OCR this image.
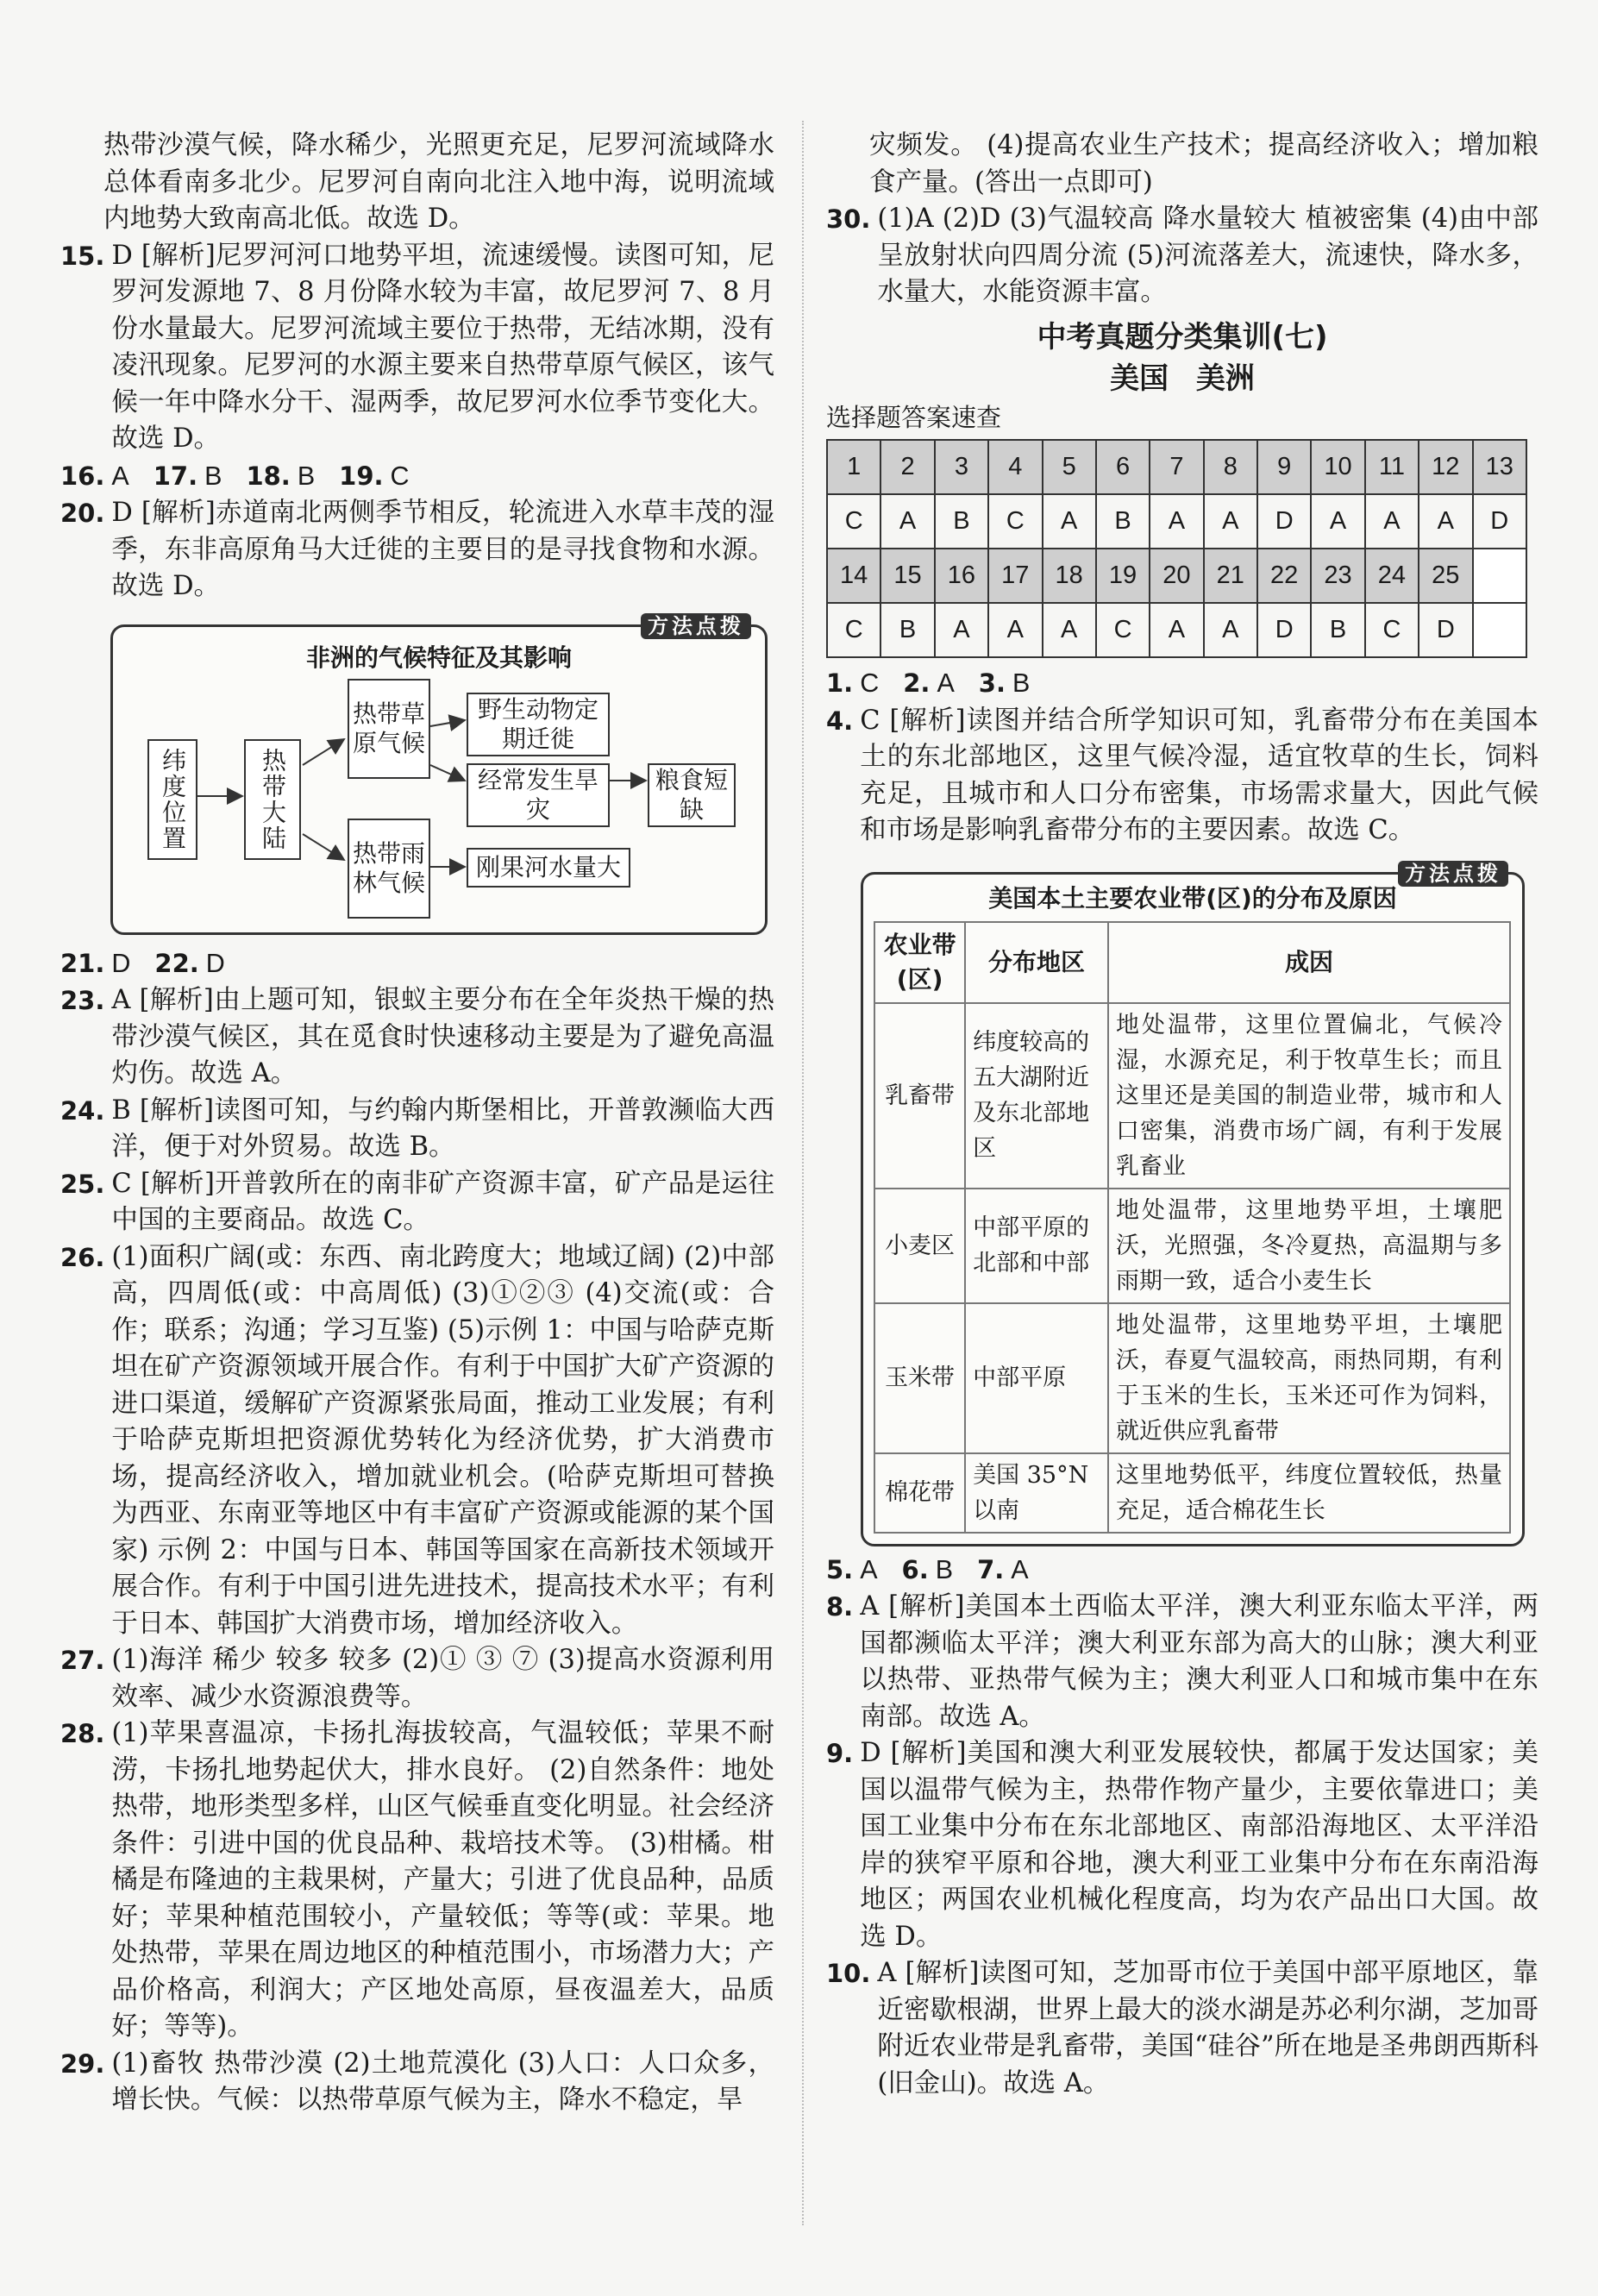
热带沙漠气候，降水稀少，光照更充足，尼罗河流域降水总体看南多北少。尼罗河自南向北注入地中海，说明流域内地势大致南高北低。故选 D。
15. D [解析]尼罗河河口地势平坦，流速缓慢。读图可知，尼罗河发源地 7、8 月份降水较为丰富，故尼罗河 7、8 月份水量最大。尼罗河流域主要位于热带，无结冰期，没有凌汛现象。尼罗河的水源主要来自热带草原气候区，该气候一年中降水分干、湿两季，故尼罗河水位季节变化大。故选 D。
16. A 17. B 18. B 19. C
20. D [解析]赤道南北两侧季节相反，轮流进入水草丰茂的湿季，东非高原角马大迁徙的主要目的是寻找食物和水源。故选 D。
方法点拨
非洲的气候特征及其影响
纬度位置	热带大陆
热带草原气候
热带雨林气候
野生动物定期迁徙
经常发生旱灾
粮食短缺
刚果河水量大
21. D 22. D
23. A [解析]由上题可知，银蚁主要分布在全年炎热干燥的热带沙漠气候区，其在觅食时快速移动主要是为了避免高温灼伤。故选 A。
24. B [解析]读图可知，与约翰内斯堡相比，开普敦濒临大西洋，便于对外贸易。故选 B。
25. C [解析]开普敦所在的南非矿产资源丰富，矿产品是运往中国的主要商品。故选 C。
26. (1)面积广阔(或：东西、南北跨度大；地域辽阔) (2)中部高，四周低(或：中高周低) (3)①②③ (4)交流(或：合作；联系；沟通；学习互鉴) (5)示例 1：中国与哈萨克斯坦在矿产资源领域开展合作。有利于中国扩大矿产资源的进口渠道，缓解矿产资源紧张局面，推动工业发展；有利于哈萨克斯坦把资源优势转化为经济优势，扩大消费市场，提高经济收入，增加就业机会。(哈萨克斯坦可替换为西亚、东南亚等地区中有丰富矿产资源或能源的某个国家) 示例 2：中国与日本、韩国等国家在高新技术领域开展合作。有利于中国引进先进技术，提高技术水平；有利于日本、韩国扩大消费市场，增加经济收入。
27. (1)海洋 稀少 较多 较多 (2)① ③ ⑦ (3)提高水资源利用效率、减少水资源浪费等。
28. (1)苹果喜温凉，卡扬扎海拔较高，气温较低；苹果不耐涝，卡扬扎地势起伏大，排水良好。 (2)自然条件：地处热带，地形类型多样，山区气候垂直变化明显。社会经济条件：引进中国的优良品种、栽培技术等。 (3)柑橘。柑橘是布隆迪的主栽果树，产量大；引进了优良品种，品质好；苹果种植范围较小，产量较低；等等(或：苹果。地处热带，苹果在周边地区的种植范围小，市场潜力大；产品价格高，利润大；产区地处高原，昼夜温差大，品质好；等等)。
29. (1)畜牧 热带沙漠 (2)土地荒漠化 (3)人口：人口众多，增长快。气候：以热带草原气候为主，降水不稳定，旱
灾频发。 (4)提高农业生产技术；提高经济收入；增加粮食产量。(答出一点即可)
30. (1)A (2)D (3)气温较高 降水量较大 植被密集 (4)由中部呈放射状向四周分流 (5)河流落差大，流速快，降水多，水量大，水能资源丰富。
中考真题分类集训(七)
美国 美洲
选择题答案速查
1	2	3	4	5	6	7	8	9	10	11	12	13
C	A	B	C	A	B	A	A	D	A	A	A	D
14	15	16	17	18	19	20	21	22	23	24	25	
C	B	A	A	A	C	A	A	D	B	C	D	
1. C 2. A 3. B
4. C [解析]读图并结合所学知识可知，乳畜带分布在美国本土的东北部地区，这里气候冷湿，适宜牧草的生长，饲料充足，且城市和人口分布密集，市场需求量大，因此气候和市场是影响乳畜带分布的主要因素。故选 C。
方法点拨
美国本土主要农业带(区)的分布及原因
农业带(区)	分布地区	成因
乳畜带	纬度较高的五大湖附近及东北部地区	地处温带，这里位置偏北，气候冷湿，水源充足，利于牧草生长；而且这里还是美国的制造业带，城市和人口密集，消费市场广阔，有利于发展乳畜业
小麦区	中部平原的北部和中部	地处温带，这里地势平坦，土壤肥沃，光照强，冬冷夏热，高温期与多雨期一致，适合小麦生长
玉米带	中部平原	地处温带，这里地势平坦，土壤肥沃，春夏气温较高，雨热同期，有利于玉米的生长，玉米还可作为饲料，就近供应乳畜带
棉花带	美国 35°N 以南	这里地势低平，纬度位置较低，热量充足，适合棉花生长
5. A 6. B 7. A
8. A [解析]美国本土西临太平洋，澳大利亚东临太平洋，两国都濒临太平洋；澳大利亚东部为高大的山脉；澳大利亚以热带、亚热带气候为主；澳大利亚人口和城市集中在东南部。故选 A。
9. D [解析]美国和澳大利亚发展较快，都属于发达国家；美国以温带气候为主，热带作物产量少，主要依靠进口；美国工业集中分布在东北部地区、南部沿海地区、太平洋沿岸的狭窄平原和谷地，澳大利亚工业集中分布在东南沿海地区；两国农业机械化程度高，均为农产品出口大国。故选 D。
10. A [解析]读图可知，芝加哥市位于美国中部平原地区，靠近密歇根湖，世界上最大的淡水湖是苏必利尔湖，芝加哥附近农业带是乳畜带，美国“硅谷”所在地是圣弗朗西斯科(旧金山)。故选 A。
